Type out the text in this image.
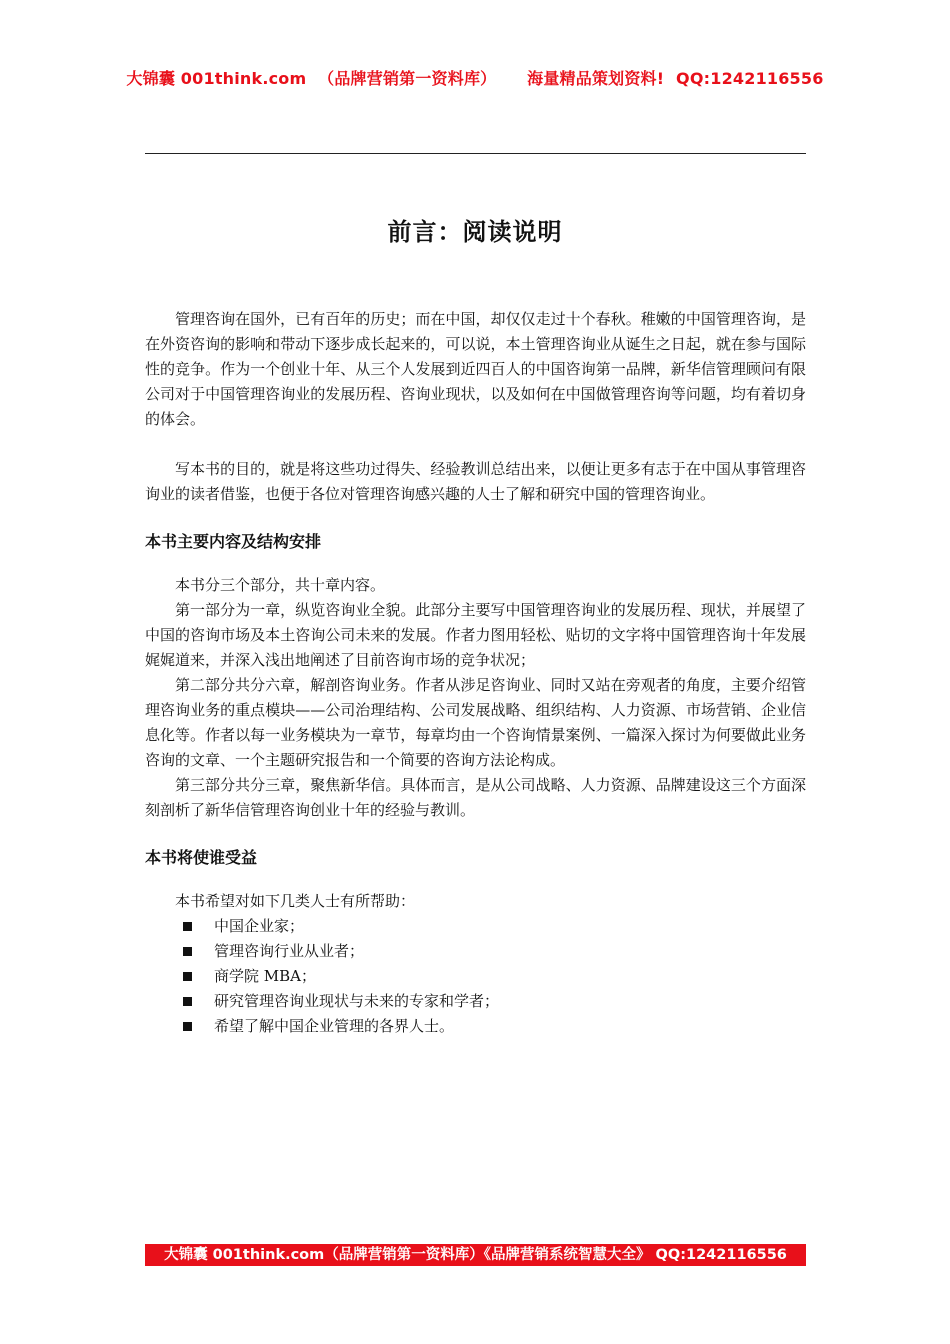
大锦囊 001think.com （品牌营销第一资料库） 海量精品策划资料! QQ:1242116556
前言：阅读说明

管理咨询在国外，已有百年的历史；而在中国，却仅仅走过十个春秋。稚嫩的中国管理咨询，是在外资咨询的影响和带动下逐步成长起来的，可以说，本土管理咨询业从诞生之日起，就在参与国际性的竞争。作为一个创业十年、从三个人发展到近四百人的中国咨询第一品牌，新华信管理顾问有限公司对于中国管理咨询业的发展历程、咨询业现状，以及如何在中国做管理咨询等问题，均有着切身的体会。

写本书的目的，就是将这些功过得失、经验教训总结出来，以便让更多有志于在中国从事管理咨询业的读者借鉴，也便于各位对管理咨询感兴趣的人士了解和研究中国的管理咨询业。

本书主要内容及结构安排

本书分三个部分，共十章内容。

第一部分为一章，纵览咨询业全貌。此部分主要写中国管理咨询业的发展历程、现状，并展望了中国的咨询市场及本土咨询公司未来的发展。作者力图用轻松、贴切的文字将中国管理咨询十年发展娓娓道来，并深入浅出地阐述了目前咨询市场的竞争状况；

第二部分共分六章，解剖咨询业务。作者从涉足咨询业、同时又站在旁观者的角度，主要介绍管理咨询业务的重点模块——公司治理结构、公司发展战略、组织结构、人力资源、市场营销、企业信息化等。作者以每一业务模块为一章节，每章均由一个咨询情景案例、一篇深入探讨为何要做此业务咨询的文章、一个主题研究报告和一个简要的咨询方法论构成。

第三部分共分三章，聚焦新华信。具体而言，是从公司战略、人力资源、品牌建设这三个方面深刻剖析了新华信管理咨询创业十年的经验与教训。

本书将使谁受益

本书希望对如下几类人士有所帮助：

中国企业家；
管理咨询行业从业者；
商学院 MBA；
研究管理咨询业现状与未来的专家和学者；
希望了解中国企业管理的各界人士。
大锦囊 001think.com（品牌营销第一资料库）《品牌营销系统智慧大全》 QQ:1242116556
